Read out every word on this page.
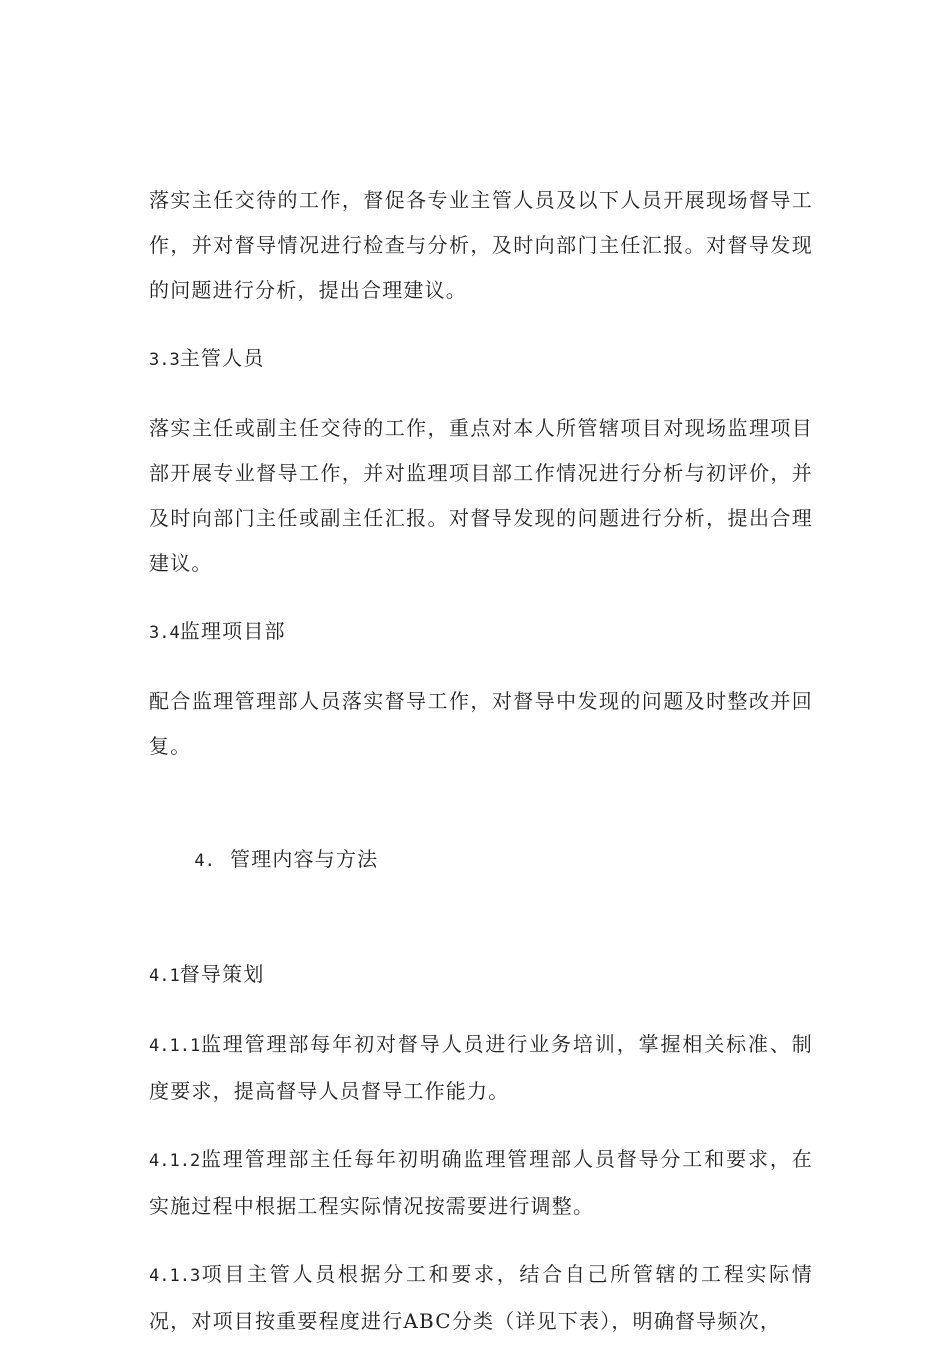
落实主任交待的工作，督促各专业主管人员及以下人员开展现场督导工作，并对督导情况进行检查与分析，及时向部门主任汇报。对督导发现的问题进行分析，提出合理建议。

3.3主管人员

落实主任或副主任交待的工作，重点对本人所管辖项目对现场监理项目部开展专业督导工作，并对监理项目部工作情况进行分析与初评价，并及时向部门主任或副主任汇报。对督导发现的问题进行分析，提出合理建议。

3.4监理项目部

配合监理管理部人员落实督导工作，对督导中发现的问题及时整改并回复。

4.  管理内容与方法

4.1督导策划

4.1.1监理管理部每年初对督导人员进行业务培训，掌握相关标准、制度要求，提高督导人员督导工作能力。

4.1.2监理管理部主任每年初明确监理管理部人员督导分工和要求，在实施过程中根据工程实际情况按需要进行调整。

4.1.3项目主管人员根据分工和要求，结合自己所管辖的工程实际情况，对项目按重要程度进行ABC分类（详见下表），明确督导频次，
